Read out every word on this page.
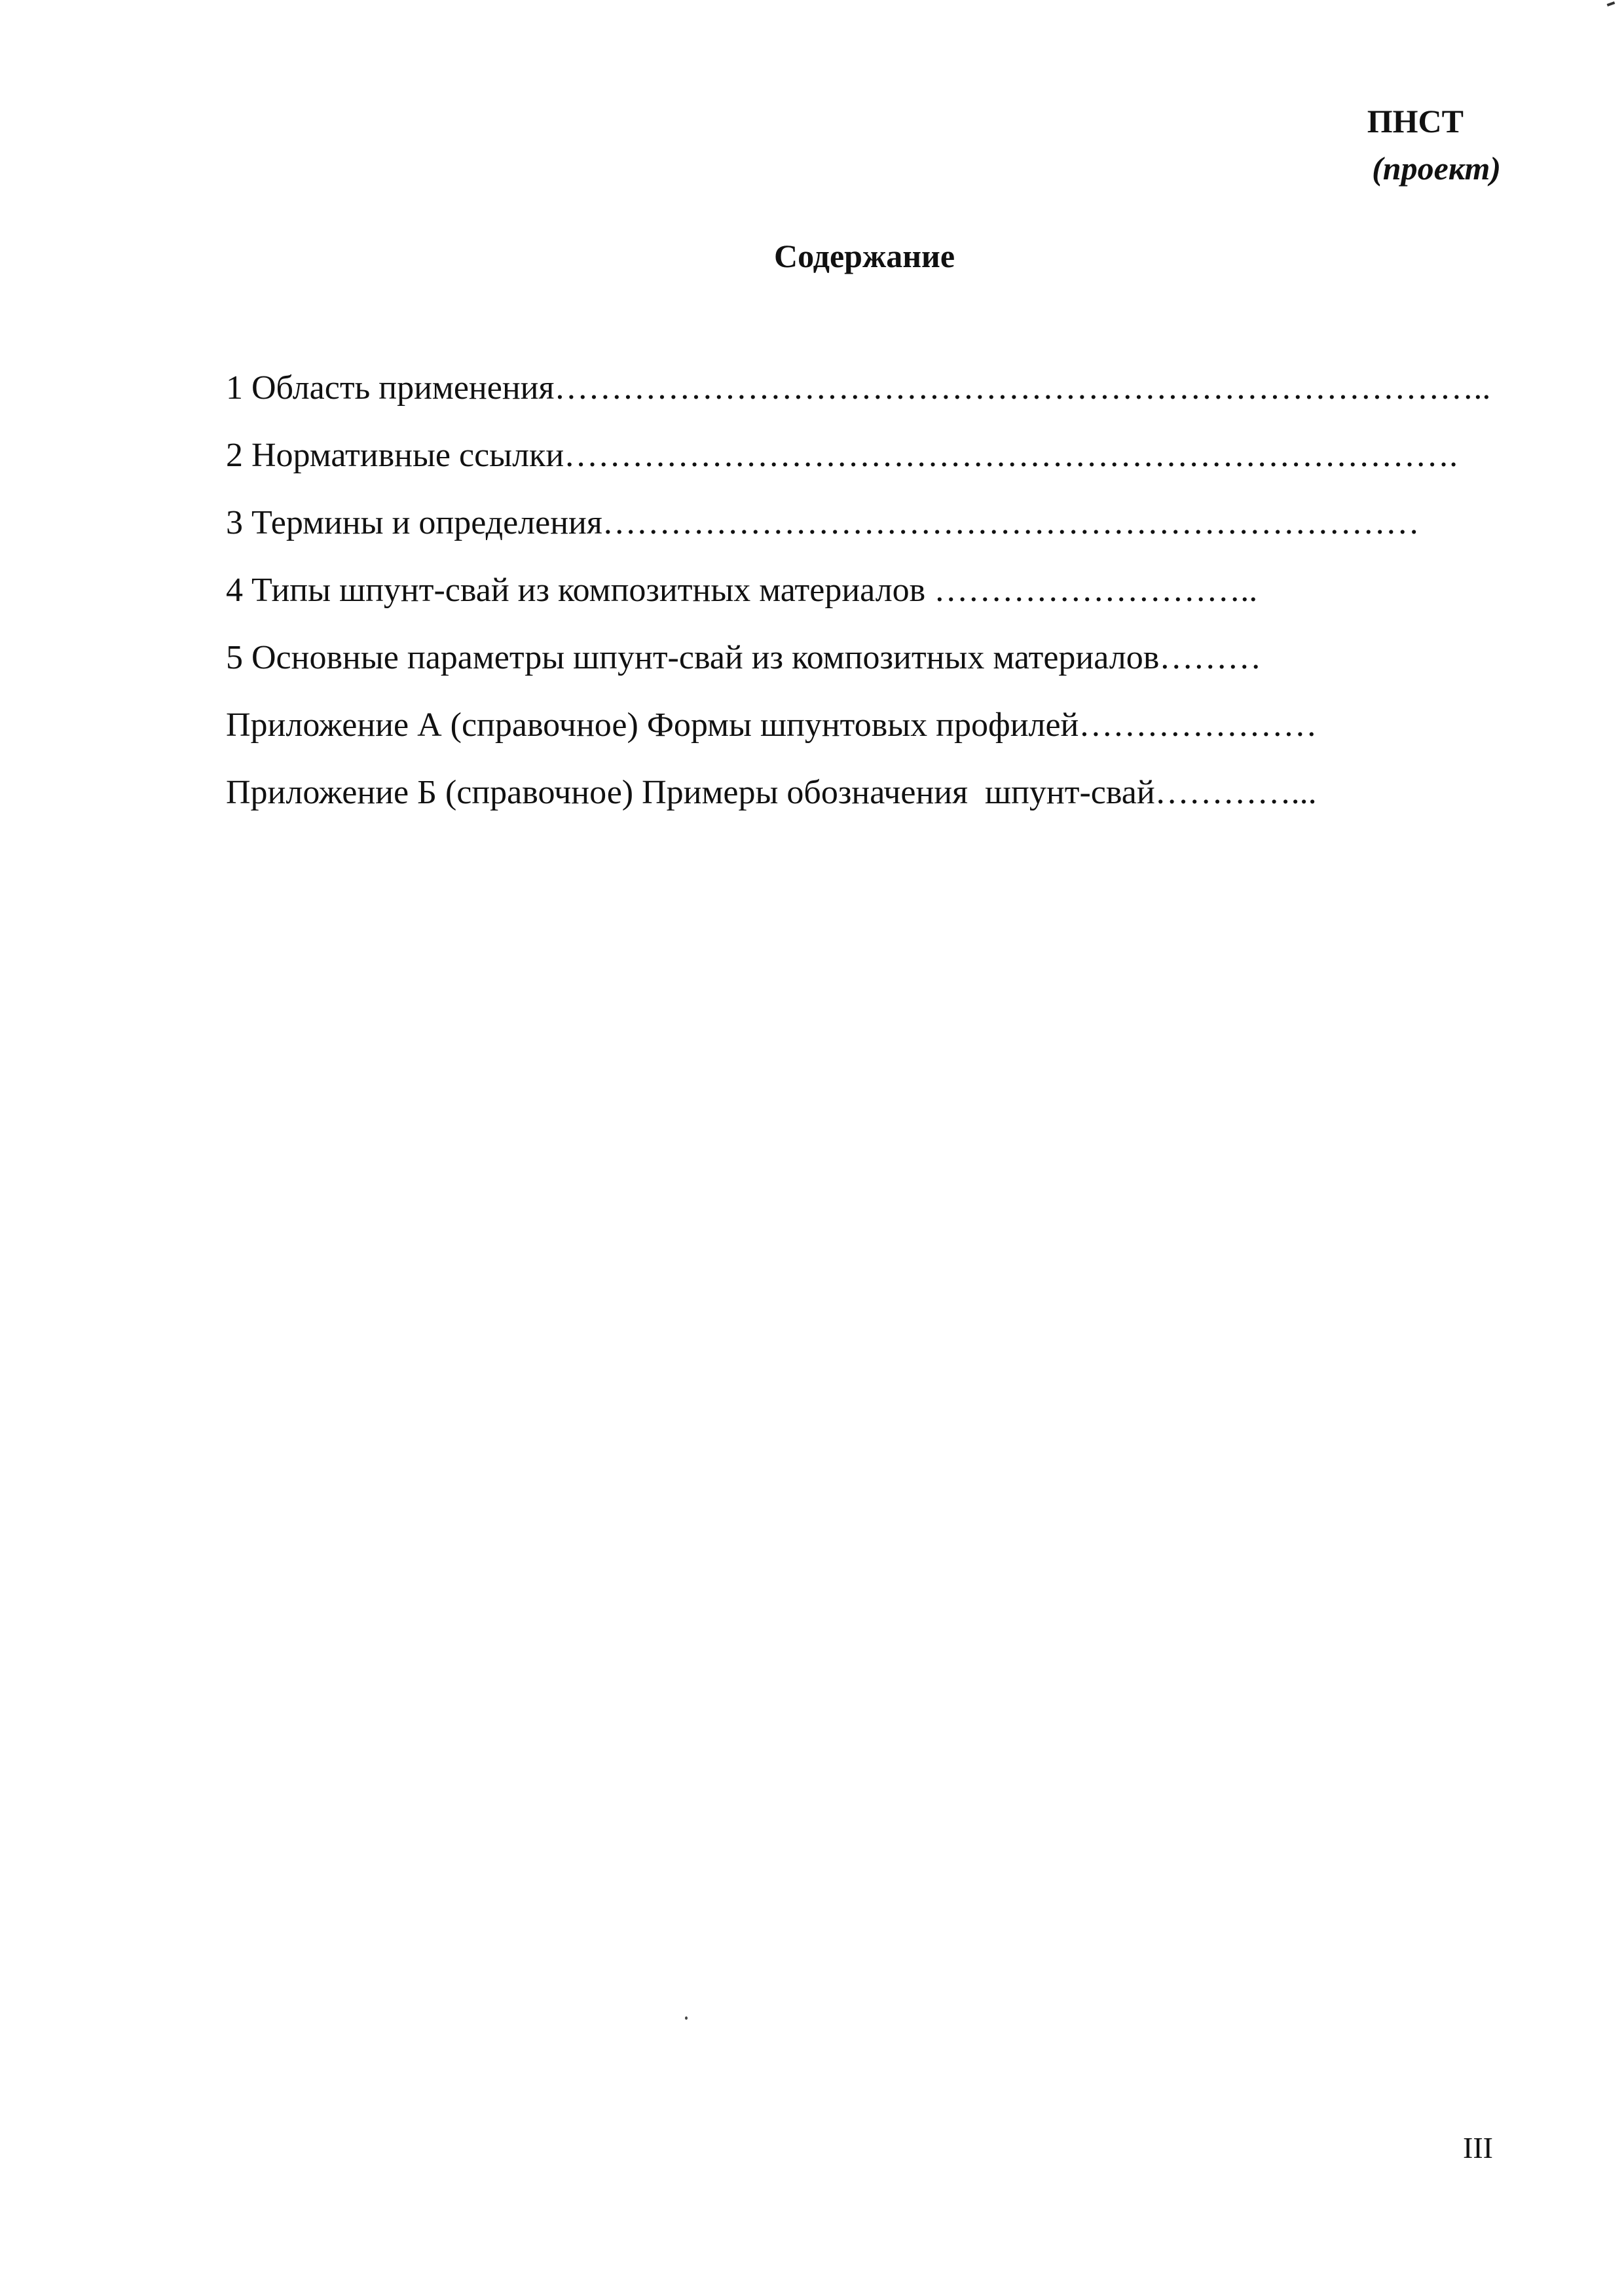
ПНСТ
(проект)
Содержание
1 Область применения………………………………………………………………………..
2 Нормативные ссылки…………………………………………………………………….
3 Термины и определения………………………………………………………………
4 Типы шпунт-свай из композитных материалов ………………………..
5 Основные параметры шпунт-свай из композитных материалов………
Приложение А (справочное) Формы шпунтовых профилей…………………
Приложение Б (справочное) Примеры обозначения  шпунт-свай…………...
III
